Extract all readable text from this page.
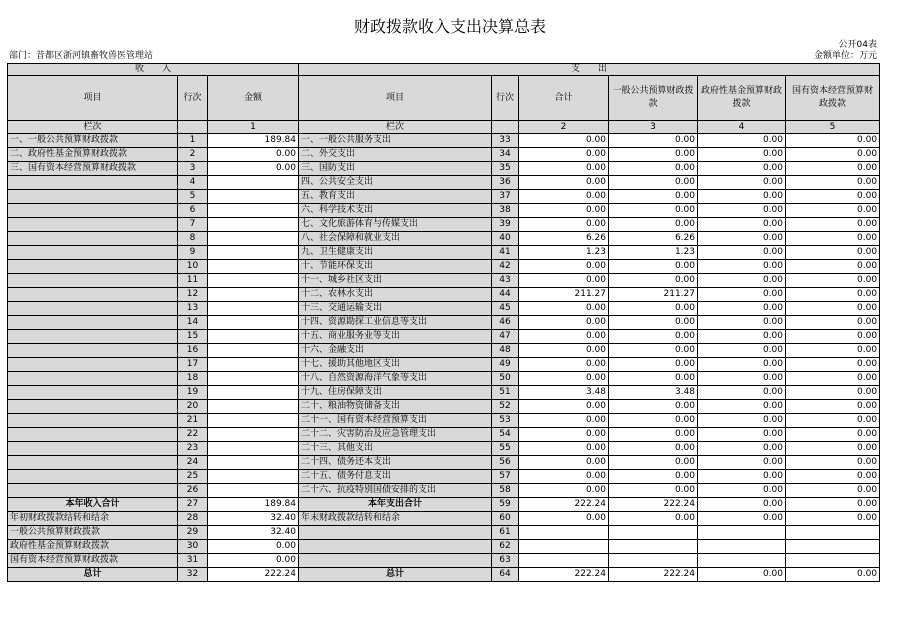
财政拨款收入支出决算总表
公开04表
部门：昔都区浙河镇畜牧兽医管理站	金额单位：万元
收　　入			支　　出					
项目	行次	金额	项目	行次	合计	一般公共预算财政拨款	政府性基金预算财政拨款	国有资本经营预算财政拨款
栏次		1	栏次		2	3	4	5
一、一般公共预算财政拨款	1	189.84	一、一般公共服务支出	33	0.00	0.00	0.00	0.00
二、政府性基金预算财政拨款	2	0.00	二、外交支出	34	0.00	0.00	0.00	0.00
三、国有资本经营预算财政拨款	3	0.00	三、国防支出	35	0.00	0.00	0.00	0.00
	4		四、公共安全支出	36	0.00	0.00	0.00	0.00
	5		五、教育支出	37	0.00	0.00	0.00	0.00
	6		六、科学技术支出	38	0.00	0.00	0.00	0.00
	7		七、文化旅游体育与传媒支出	39	0.00	0.00	0.00	0.00
	8		八、社会保障和就业支出	40	6.26	6.26	0.00	0.00
	9		九、卫生健康支出	41	1.23	1.23	0.00	0.00
	10		十、节能环保支出	42	0.00	0.00	0.00	0.00
	11		十一、城乡社区支出	43	0.00	0.00	0.00	0.00
	12		十二、农林水支出	44	211.27	211.27	0.00	0.00
	13		十三、交通运输支出	45	0.00	0.00	0.00	0.00
	14		十四、资源勘探工业信息等支出	46	0.00	0.00	0.00	0.00
	15		十五、商业服务业等支出	47	0.00	0.00	0.00	0.00
	16		十六、金融支出	48	0.00	0.00	0.00	0.00
	17		十七、援助其他地区支出	49	0.00	0.00	0.00	0.00
	18		十八、自然资源海洋气象等支出	50	0.00	0.00	0.00	0.00
	19		十九、住房保障支出	51	3.48	3.48	0.00	0.00
	20		二十、粮油物资储备支出	52	0.00	0.00	0.00	0.00
	21		二十一、国有资本经营预算支出	53	0.00	0.00	0.00	0.00
	22		二十二、灾害防治及应急管理支出	54	0.00	0.00	0.00	0.00
	23		二十三、其他支出	55	0.00	0.00	0.00	0.00
	24		二十四、债务还本支出	56	0.00	0.00	0.00	0.00
	25		二十五、债务付息支出	57	0.00	0.00	0.00	0.00
	26		二十六、抗疫特别国债安排的支出	58	0.00	0.00	0.00	0.00
本年收入合计	27	189.84	本年支出合计	59	222.24	222.24	0.00	0.00
年初财政拨款结转和结余	28	32.40	年末财政拨款结转和结余	60	0.00	0.00	0.00	0.00
一般公共预算财政拨款	29	32.40		61				
政府性基金预算财政拨款	30	0.00		62				
国有资本经营预算财政拨款	31	0.00		63				
总计	32	222.24	总计	64	222.24	222.24	0.00	0.00
